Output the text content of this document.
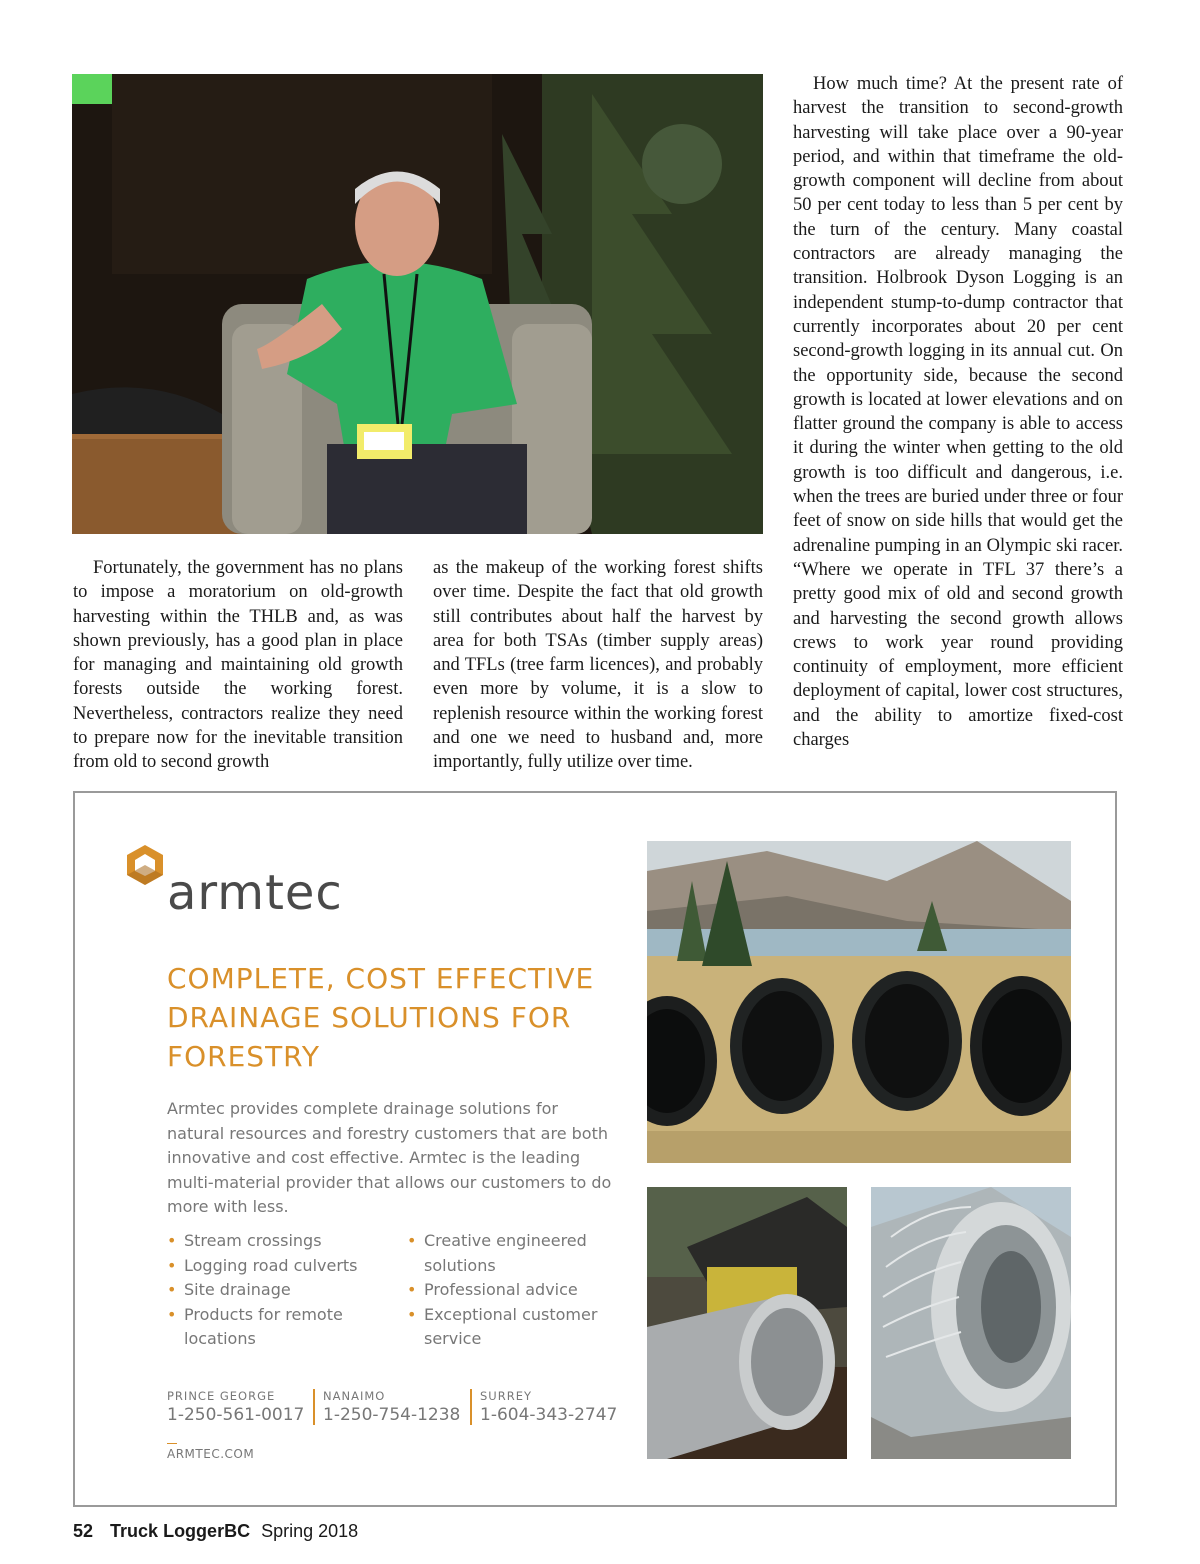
Fortunately, the government has no plans to impose a moratorium on old-growth harvesting within the THLB and, as was shown previously, has a good plan in place for managing and maintaining old growth forests outside the working forest. Nevertheless, contractors realize they need to prepare now for the inevitable transition from old to second growth

as the makeup of the working forest shifts over time. Despite the fact that old growth still contributes about half the harvest by area for both TSAs (timber supply areas) and TFLs (tree farm licences), and probably even more by volume, it is a slow to replenish resource within the working forest and one we need to husband and, more importantly, fully utilize over time.

How much time? At the present rate of harvest the transition to second-growth harvesting will take place over a 90-year period, and within that timeframe the old-growth component will decline from about 50 per cent today to less than 5 per cent by the turn of the century. Many coastal contractors are already managing the transition. Holbrook Dyson Logging is an independent stump-to-dump contractor that currently incorporates about 20 per cent second-growth logging in its annual cut. On the opportunity side, because the second growth is located at lower elevations and on flatter ground the company is able to access it during the winter when getting to the old growth is too difficult and dangerous, i.e. when the trees are buried under three or four feet of snow on side hills that would get the adrenaline pumping in an Olympic ski racer. “Where we operate in TFL 37 there’s a pretty good mix of old and second growth and harvesting the second growth allows crews to work year round providing continuity of employment, more efficient deployment of capital, lower cost structures, and the ability to amortize fixed-cost charges

armtec
COMPLETE, COST EFFECTIVE DRAINAGE SOLUTIONS FOR FORESTRY
Armtec provides complete drainage solutions for natural resources and forestry customers that are both innovative and cost effective. Armtec is the leading multi-material provider that allows our customers to do more with less.
• Stream crossings
• Logging road culverts
• Site drainage
• Products for remote locations
• Creative engineered solutions
• Professional advice
• Exceptional customer service
PRINCE GEORGE
1-250-561-0017
NANAIMO
1-250-754-1238
SURREY
1-604-343-2747
ARMTEC.COM
52 Truck LoggerBC Spring 2018
